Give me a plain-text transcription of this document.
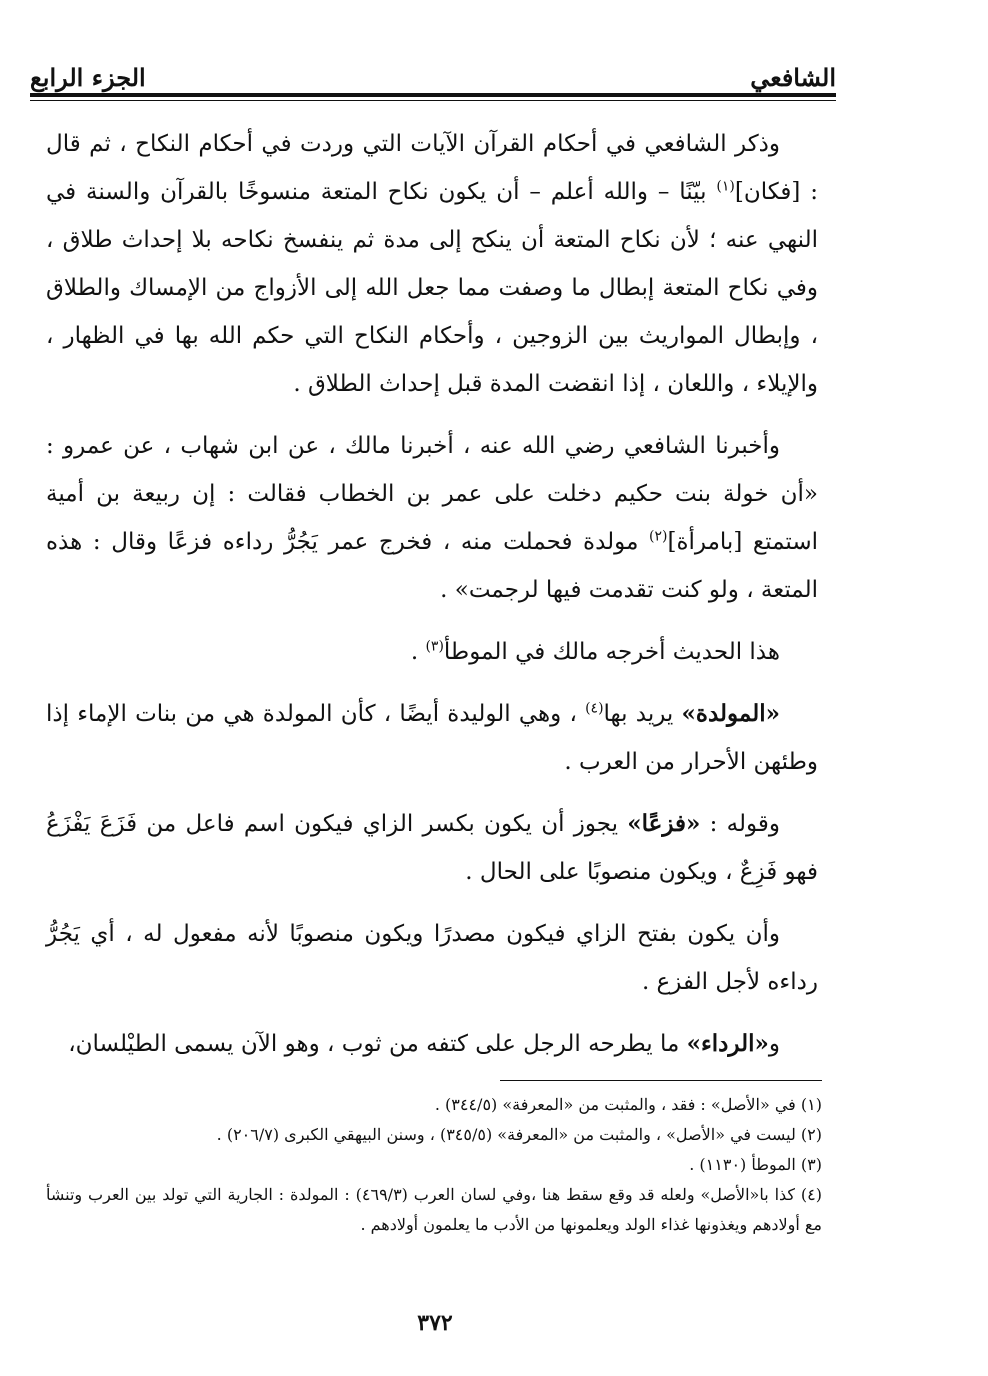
الشافعي
الجزء الرابع

وذكر الشافعي في أحكام القرآن الآيات التي وردت في أحكام النكاح ، ثم قال : [فكان]$^{(١)}$ بيّنًا – والله أعلم – أن يكون نكاح المتعة منسوخًا بالقرآن والسنة في النهي عنه ؛ لأن نكاح المتعة أن ينكح إلى مدة ثم ينفسخ نكاحه بلا إحداث طلاق ، وفي نكاح المتعة إبطال ما وصفت مما جعل الله إلى الأزواج من الإمساك والطلاق ، وإبطال المواريث بين الزوجين ، وأحكام النكاح التي حكم الله بها في الظهار ، والإيلاء ، واللعان ، إذا انقضت المدة قبل إحداث الطلاق .

وأخبرنا الشافعي رضي الله عنه ، أخبرنا مالك ، عن ابن شهاب ، عن عمرو : «أن خولة بنت حكيم دخلت على عمر بن الخطاب فقالت : إن ربيعة بن أمية استمتع [بامرأة]$^{(٢)}$ مولدة فحملت منه ، فخرج عمر يَجُرُّ رداءه فزعًا وقال : هذه المتعة ، ولو كنت تقدمت فيها لرجمت» .

هذا الحديث أخرجه مالك في الموطأ$^{(٣)}$ .

«المولدة» يريد بها$^{(٤)}$ ، وهي الوليدة أيضًا ، كأن المولدة هي من بنات الإماء إذا وطئهن الأحرار من العرب .

وقوله : «فزعًا» يجوز أن يكون بكسر الزاي فيكون اسم فاعل من فَزَعَ يَفْزَعُ فهو فَزِعٌ ، ويكون منصوبًا على الحال .

وأن يكون بفتح الزاي فيكون مصدرًا ويكون منصوبًا لأنه مفعول له ، أي يَجُرُّ رداءه لأجل الفزع .

و«الرداء» ما يطرحه الرجل على كتفه من ثوب ، وهو الآن يسمى الطيْلسان،

(١) في «الأصل» : فقد ، والمثبت من «المعرفة» (٣٤٤/٥) .

(٢) ليست في «الأصل» ، والمثبت من «المعرفة» (٣٤٥/٥) ، وسنن البيهقي الكبرى (٢٠٦/٧) .

(٣) الموطأ (١١٣٠) .

(٤) كذا با«الأصل» ولعله قد وقع سقط هنا ،وفي لسان العرب (٤٦٩/٣) : المولدة : الجارية التي تولد بين العرب وتنشأ مع أولادهم ويغذونها غذاء الولد ويعلمونها من الأدب ما يعلمون أولادهم .

٣٧٢
